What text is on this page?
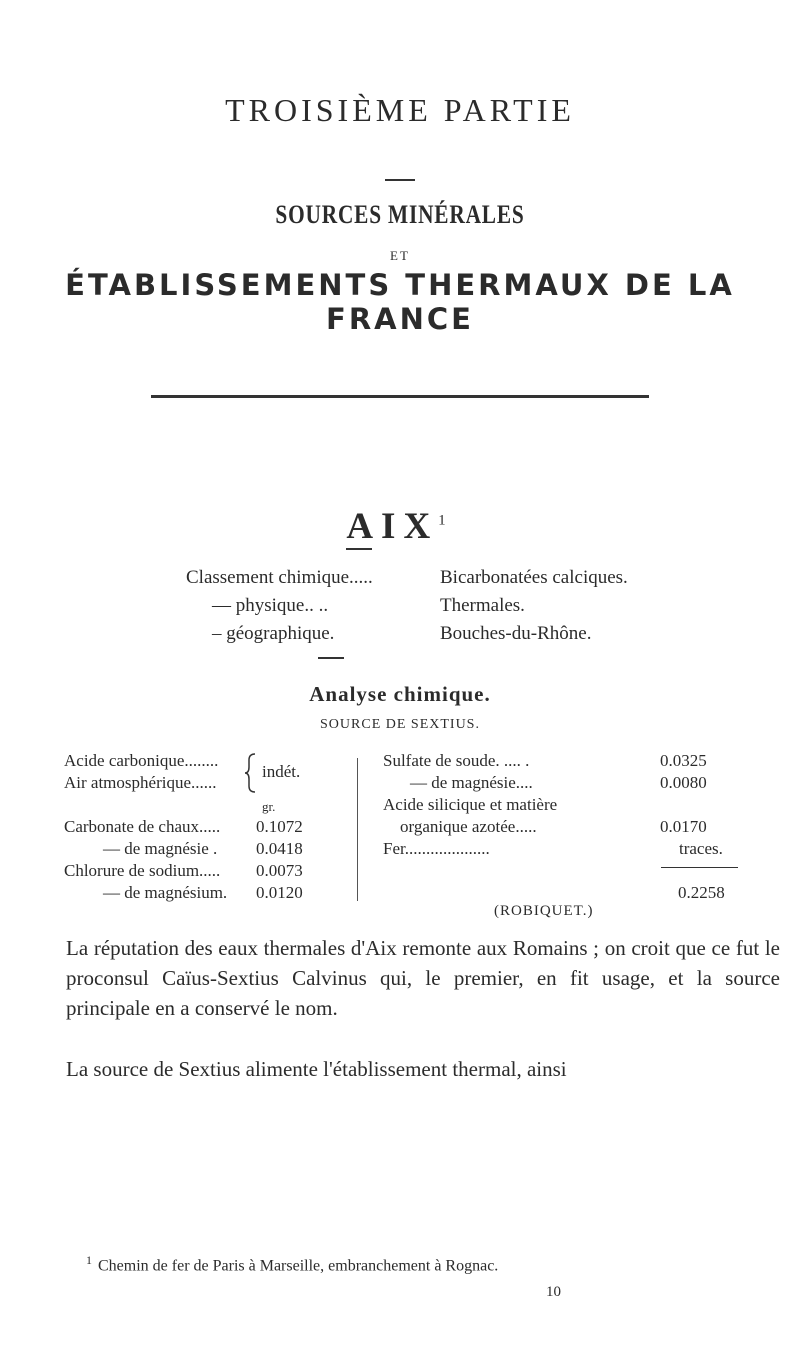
TROISIÈME PARTIE
SOURCES MINÉRALES
ET
ÉTABLISSEMENTS THERMAUX DE LA FRANCE
AIX$^1$
Classement chimique.....	Bicarbonatées calciques.
— physique.. ..	Thermales.
– géographique.	Bouches-du-Rhône.
Analyse chimique.
SOURCE DE SEXTIUS.
Acide carbonique........
Air atmosphérique......
indét.
gr.
Carbonate de chaux..... 0.1072
— de magnésie . 0.0418
Chlorure de sodium..... 0.0073
— de magnésium. 0.0120
Sulfate de soude. .... .	0.0325
— de magnésie....	0.0080
Acide silicique et matière
organique azotée.....	0.0170
Fer....................	traces.
0.2258
(ROBIQUET.)
La réputation des eaux thermales d'Aix remonte aux Romains ; on croit que ce fut le proconsul Caïus-Sextius Calvinus qui, le premier, en fit usage, et la source principale en a conservé le nom.
La source de Sextius alimente l'établissement thermal, ainsi
$^1$ Chemin de fer de Paris à Marseille, embranchement à Rognac.
10
